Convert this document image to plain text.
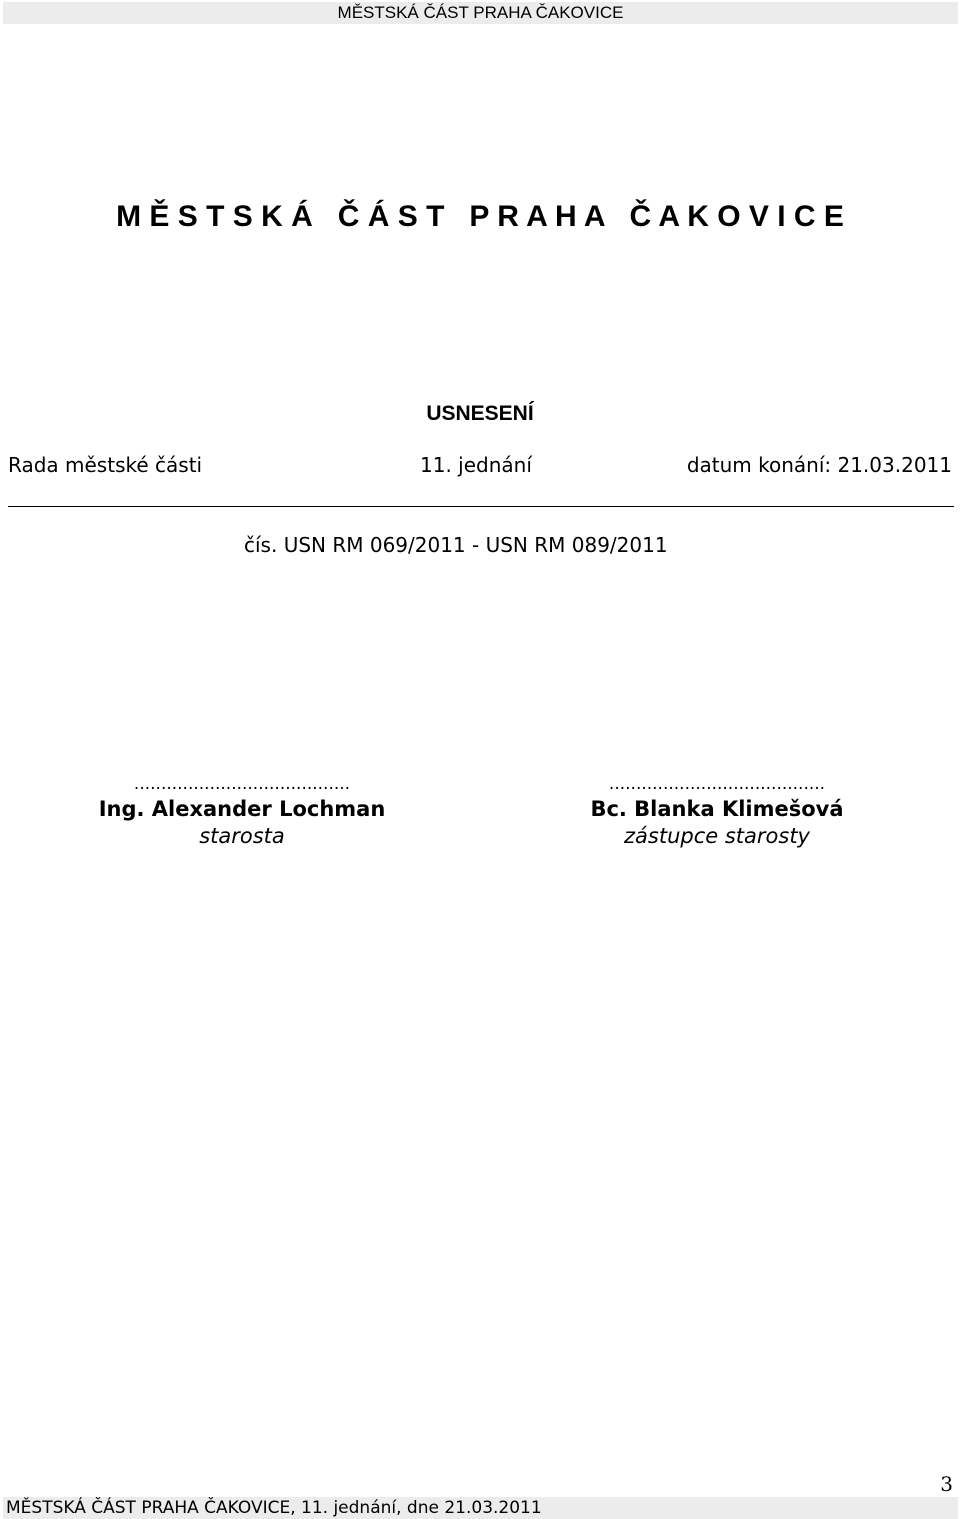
MĚSTSKÁ ČÁST PRAHA ČAKOVICE
M Ě S T S K Á   Č Á S T   P R A H A   Č A K O V I C E
USNESENÍ
Rada městské části	11. jednání	datum konání: 21.03.2011
čís. USN RM 069/2011 - USN RM 089/2011
........................................
Ing. Alexander Lochman
starosta
........................................
Bc. Blanka Klimešová
zástupce starosty
3
MĚSTSKÁ ČÁST PRAHA ČAKOVICE, 11. jednání, dne 21.03.2011
